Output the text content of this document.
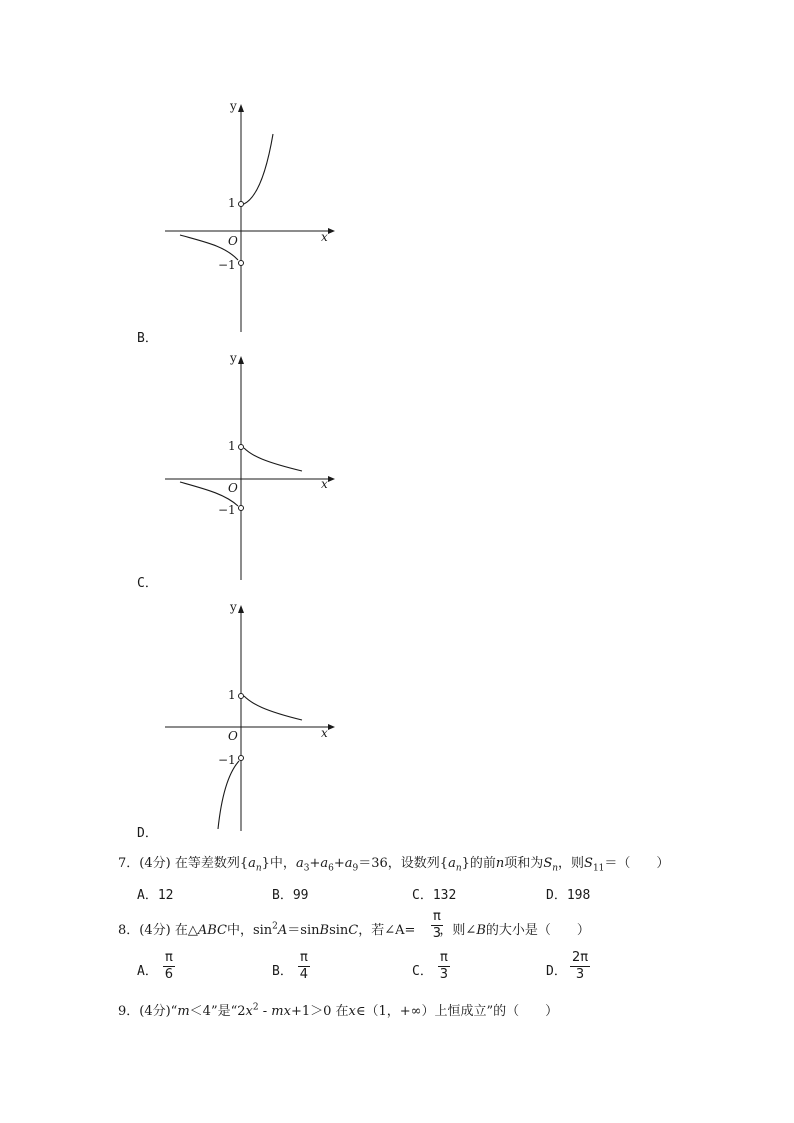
y
x
O
1
−1
B．
y
x
O
1
−1
C．
y
x
O
1
−1
D．
7．(4分) 在等差数列$\{a_n\}$中，$a_3+a_6+a_9=36$，设数列$\{a_n\}$的前n项和为$S_n$，则$S_{11}=$（　　）
A．12	B．99	C．132	D．198
8．(4分) 在△ABC中，$\sin^2A=sinBsinC$，若∠A= ，则∠B的大小是（　　）
$\frac{\pi}{3}$
A． $\frac{\pi}{6}$	B． $\frac{\pi}{4}$	C． $\frac{\pi}{3}$	D． $\frac{2\pi}{3}$
9．(4分)“m＜4”是“$2x^2 - mx+1>0$ 在x∈（1，+∞）上恒成立”的（　　）
